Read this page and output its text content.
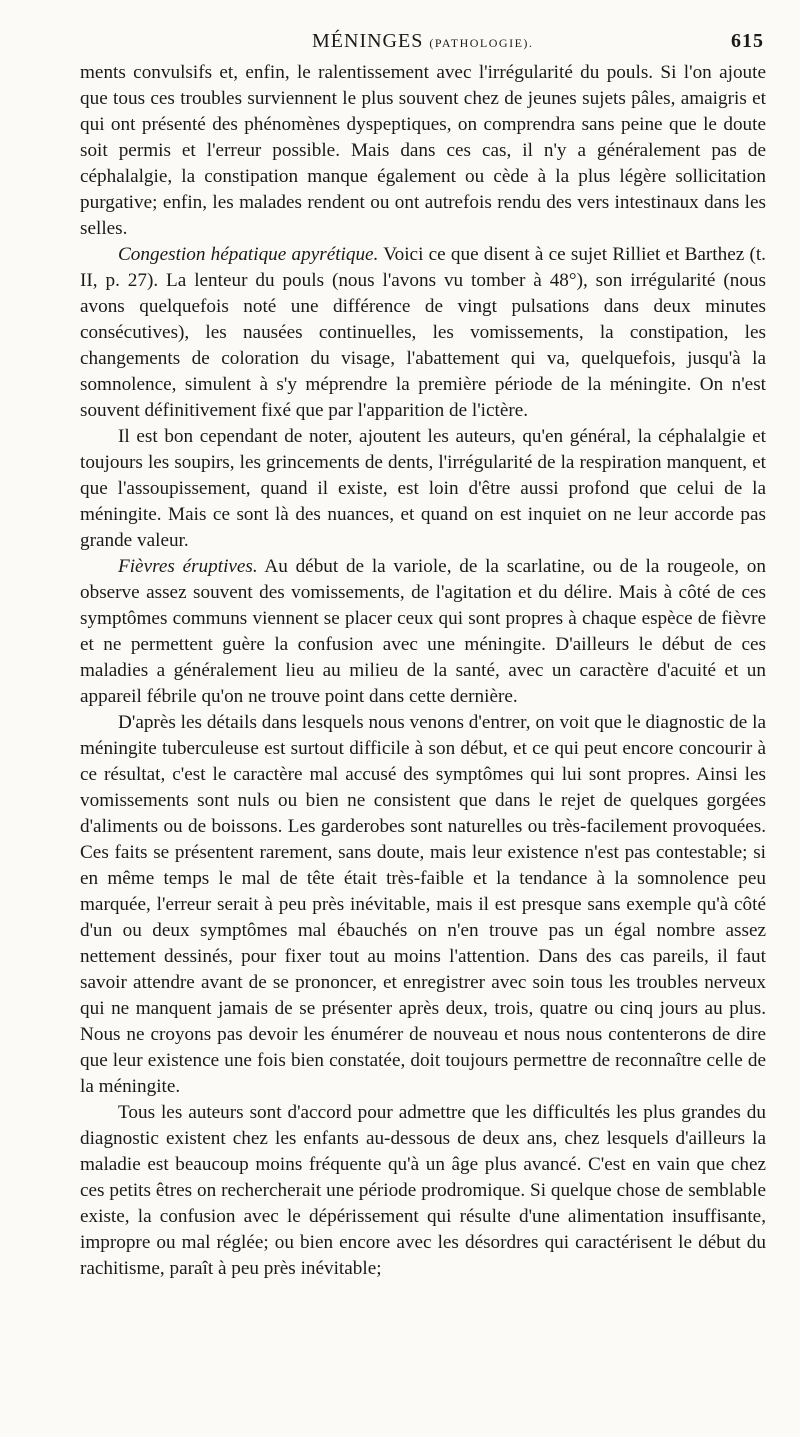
MÉNINGES (PATHOLOGIE).	615

ments convulsifs et, enfin, le ralentissement avec l'irrégularité du pouls. Si l'on ajoute que tous ces troubles surviennent le plus souvent chez de jeunes sujets pâles, amaigris et qui ont présenté des phénomènes dyspeptiques, on comprendra sans peine que le doute soit permis et l'erreur possible. Mais dans ces cas, il n'y a généralement pas de céphalalgie, la constipation manque également ou cède à la plus légère sollicitation purgative; enfin, les malades rendent ou ont autrefois rendu des vers intestinaux dans les selles.

Congestion hépatique apyrétique. Voici ce que disent à ce sujet Rilliet et Barthez (t. II, p. 27). La lenteur du pouls (nous l'avons vu tomber à 48°), son irrégularité (nous avons quelquefois noté une différence de vingt pulsations dans deux minutes consécutives), les nausées continuelles, les vomissements, la constipation, les changements de coloration du visage, l'abattement qui va, quelquefois, jusqu'à la somnolence, simulent à s'y méprendre la première période de la méningite. On n'est souvent définitivement fixé que par l'apparition de l'ictère.

Il est bon cependant de noter, ajoutent les auteurs, qu'en général, la céphalalgie et toujours les soupirs, les grincements de dents, l'irrégularité de la respiration manquent, et que l'assoupissement, quand il existe, est loin d'être aussi profond que celui de la méningite. Mais ce sont là des nuances, et quand on est inquiet on ne leur accorde pas grande valeur.

Fièvres éruptives. Au début de la variole, de la scarlatine, ou de la rougeole, on observe assez souvent des vomissements, de l'agitation et du délire. Mais à côté de ces symptômes communs viennent se placer ceux qui sont propres à chaque espèce de fièvre et ne permettent guère la confusion avec une méningite. D'ailleurs le début de ces maladies a généralement lieu au milieu de la santé, avec un caractère d'acuité et un appareil fébrile qu'on ne trouve point dans cette dernière.

D'après les détails dans lesquels nous venons d'entrer, on voit que le diagnostic de la méningite tuberculeuse est surtout difficile à son début, et ce qui peut encore concourir à ce résultat, c'est le caractère mal accusé des symptômes qui lui sont propres. Ainsi les vomissements sont nuls ou bien ne consistent que dans le rejet de quelques gorgées d'aliments ou de boissons. Les garderobes sont naturelles ou très-facilement provoquées. Ces faits se présentent rarement, sans doute, mais leur existence n'est pas contestable; si en même temps le mal de tête était très-faible et la tendance à la somnolence peu marquée, l'erreur serait à peu près inévitable, mais il est presque sans exemple qu'à côté d'un ou deux symptômes mal ébauchés on n'en trouve pas un égal nombre assez nettement dessinés, pour fixer tout au moins l'attention. Dans des cas pareils, il faut savoir attendre avant de se prononcer, et enregistrer avec soin tous les troubles nerveux qui ne manquent jamais de se présenter après deux, trois, quatre ou cinq jours au plus. Nous ne croyons pas devoir les énumérer de nouveau et nous nous contenterons de dire que leur existence une fois bien constatée, doit toujours permettre de reconnaître celle de la méningite.

Tous les auteurs sont d'accord pour admettre que les difficultés les plus grandes du diagnostic existent chez les enfants au-dessous de deux ans, chez lesquels d'ailleurs la maladie est beaucoup moins fréquente qu'à un âge plus avancé. C'est en vain que chez ces petits êtres on rechercherait une période prodromique. Si quelque chose de semblable existe, la confusion avec le dépérissement qui résulte d'une alimentation insuffisante, impropre ou mal réglée; ou bien encore avec les désordres qui caractérisent le début du rachitisme, paraît à peu près inévitable;
